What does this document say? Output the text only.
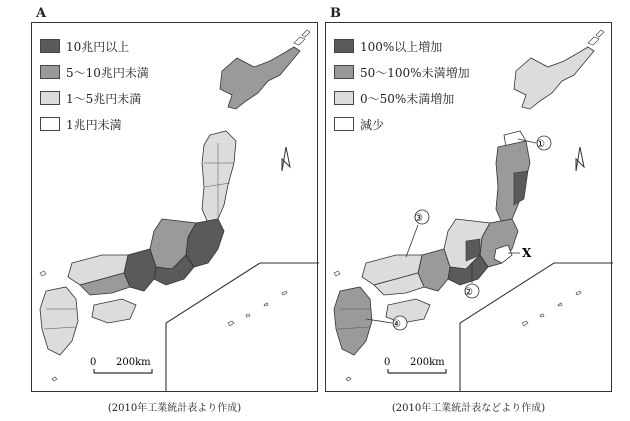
A
10兆円以上
5〜10兆円未満
1〜5兆円未満
1兆円未満
0 200km
(2010年工業統計表より作成)
B
100%以上増加
50〜100%未満増加
0〜50%未満増加
減少
①
②
③
④
X
0 200km
(2010年工業統計表などより作成)
